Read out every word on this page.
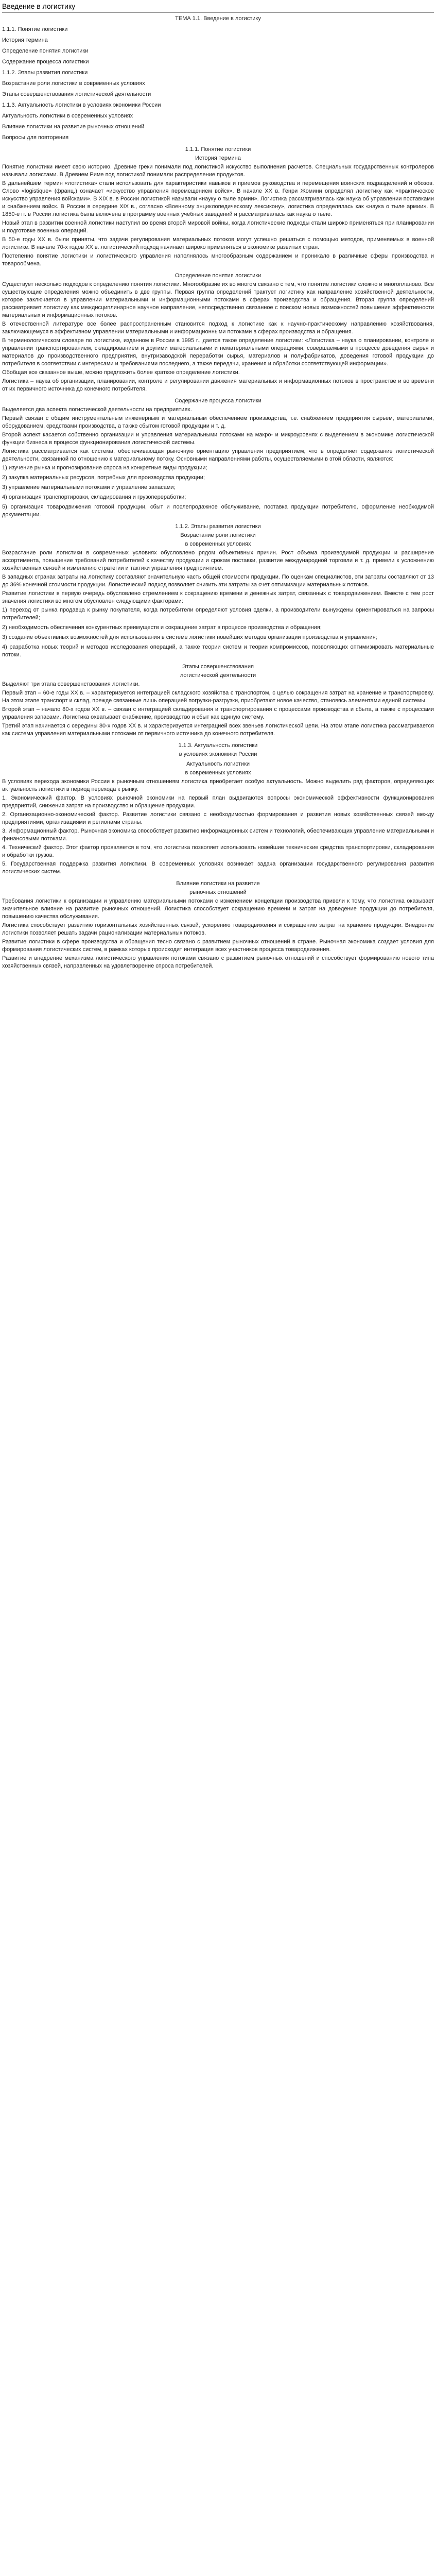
Введение в логистику
ТЕМА 1.1. Введение в логистику
1.1.1. Понятие логистики
История термина
Определение понятия логистики
Содержание процесса логистики
1.1.2. Этапы развития логистики
Возрастание роли логистики в современных условиях
Этапы совершенствования логистической деятельности
1.1.3. Актуальность логистики в условиях экономики России
Актуальность логистики в современных условиях
Влияние логистики на развитие рыночных отношений
Вопросы для повторения
1.1.1. Понятие логистики
История термина

Понятие логистики имеет свою историю. Древние греки понимали под логистикой искусство выполнения расчетов. Специальных государственных контролеров называли логистами. В Древнем Риме под логистикой понимали распределение продуктов.

В дальнейшем термин «логистика» стали использовать для характеристики навыков и приемов руководства и перемещения воинских подразделений и обозов. Слово «logistique» (франц.) означает «искусство управления перемещением войск». В начале XX в. Генри Жомини определял логистику как «практическое искусство управления войсками». В XIX в. в России логистикой называли «науку о тыле армии». Логистика рассматривалась как наука об управлении поставками и снабжением войск. В России в середине XIX в., согласно «Военному энциклопедическому лексикону», логистика определялась как «наука о тыле армии». В 1850-е гг. в России логистика была включена в программу военных учебных заведений и рассматривалась как наука о тыле.

Новый этап в развитии военной логистики наступил во время второй мировой войны, когда логистические подходы стали широко применяться при планировании и подготовке военных операций.

В 50-е годы XX в. были приняты, что задачи регулирования материальных потоков могут успешно решаться с помощью методов, применяемых в военной логистике. В начале 70-х годов XX в. логистический подход начинает широко применяться в экономике развитых стран.

Постепенно понятие логистики и логистического управления наполнялось многообразным содержанием и проникало в различные сферы производства и товарообмена.

Определение понятия логистики

Существует несколько подходов к определению понятия логистики. Многообразие их во многом связано с тем, что понятие логистики сложно и многопланово. Все существующие определения можно объединить в две группы. Первая группа определений трактует логистику как направление хозяйственной деятельности, которое заключается в управлении материальными и информационными потоками в сферах производства и обращения. Вторая группа определений рассматривает логистику как междисциплинарное научное направление, непосредственно связанное с поиском новых возможностей повышения эффективности материальных и информационных потоков.

В отечественной литературе все более распространенным становится подход к логистике как к научно-практическому направлению хозяйствования, заключающемуся в эффективном управлении материальными и информационными потоками в сферах производства и обращения.

В терминологическом словаре по логистике, изданном в России в 1995 г., дается такое определение логистики: «Логистика – наука о планировании, контроле и управлении транспортированием, складированием и другими материальными и нематериальными операциями, совершаемыми в процессе доведения сырья и материалов до производственного предприятия, внутризаводской переработки сырья, материалов и полуфабрикатов, доведения готовой продукции до потребителя в соответствии с интересами и требованиями последнего, а также передачи, хранения и обработки соответствующей информации».

Обобщая все сказанное выше, можно предложить более краткое определение логистики.

Логистика – наука об организации, планировании, контроле и регулировании движения материальных и информационных потоков в пространстве и во времени от их первичного источника до конечного потребителя.

Содержание процесса логистики

Выделяется два аспекта логистической деятельности на предприятиях.

Первый связан с общим инструментальным инженерным и материальным обеспечением производства, т.е. снабжением предприятия сырьем, материалами, оборудованием, средствами производства, а также сбытом готовой продукции и т. д.

Второй аспект касается собственно организации и управления материальными потоками на макро- и микроуровнях с выделением в экономике логистической функции бизнеса в процессе функционирования логистической системы.

Логистика рассматривается как система, обеспечивающая рыночную ориентацию управления предприятием, что в определяет содержание логистической деятельности, связанной по отношению к материальному потоку. Основными направлениями работы, осуществляемыми в этой области, являются:

1) изучение рынка и прогнозирование спроса на конкретные виды продукции;
2) закупка материальных ресурсов, потребных для производства продукции;
3) управление материальными потоками и управление запасами;
4) организация транспортировки, складирования и грузопереработки;
5) организация товародвижения готовой продукции, сбыт и послепродажное обслуживание, поставка продукции потребителю, оформление необходимой документации.
1.1.2. Этапы развития логистики
Возрастание роли логистики
в современных условиях

Возрастание роли логистики в современных условиях обусловлено рядом объективных причин. Рост объема производимой продукции и расширение ассортимента, повышение требований потребителей к качеству продукции и срокам поставки, развитие международной торговли и т. д. привели к усложнению хозяйственных связей и изменению стратегии и тактики управления предприятием.

В западных странах затраты на логистику составляют значительную часть общей стоимости продукции. По оценкам специалистов, эти затраты составляют от 13 до 36% конечной стоимости продукции. Логистический подход позволяет снизить эти затраты за счет оптимизации материальных потоков.

Развитие логистики в первую очередь обусловлено стремлением к сокращению времени и денежных затрат, связанных с товародвижением. Вместе с тем рост значения логистики во многом обусловлен следующими факторами:

1) переход от рынка продавца к рынку покупателя, когда потребители определяют условия сделки, а производители вынуждены ориентироваться на запросы потребителей;
2) необходимость обеспечения конкурентных преимуществ и сокращение затрат в процессе производства и обращения;
3) создание объективных возможностей для использования в системе логистики новейших методов организации производства и управления;
4) разработка новых теорий и методов исследования операций, а также теории систем и теории компромиссов, позволяющих оптимизировать материальные потоки.
Этапы совершенствования
логистической деятельности

Выделяют три этапа совершенствования логистики.

Первый этап – 60-е годы XX в. – характеризуется интеграцией складского хозяйства с транспортом, с целью сокращения затрат на хранение и транспортировку. На этом этапе транспорт и склад, прежде связанные лишь операцией погрузки-разгрузки, приобретают новое качество, становясь элементами единой системы.

Второй этап – начало 80-х годов XX в. – связан с интеграцией складирования и транспортирования с процессами производства и сбыта, а также с процессами управления запасами. Логистика охватывает снабжение, производство и сбыт как единую систему.

Третий этап начинается с середины 80-х годов XX в. и характеризуется интеграцией всех звеньев логистической цепи. На этом этапе логистика рассматривается как система управления материальными потоками от первичного источника до конечного потребителя.

1.1.3. Актуальность логистики
в условиях экономики России
Актуальность логистики
в современных условиях

В условиях перехода экономики России к рыночным отношениям логистика приобретает особую актуальность. Можно выделить ряд факторов, определяющих актуальность логистики в период перехода к рынку.

1. Экономический фактор. В условиях рыночной экономики на первый план выдвигаются вопросы экономической эффективности функционирования предприятий, снижения затрат на производство и обращение продукции.

2. Организационно-экономический фактор. Развитие логистики связано с необходимостью формирования и развития новых хозяйственных связей между предприятиями, организациями и регионами страны.

3. Информационный фактор. Рыночная экономика способствует развитию информационных систем и технологий, обеспечивающих управление материальными и финансовыми потоками.

4. Технический фактор. Этот фактор проявляется в том, что логистика позволяет использовать новейшие технические средства транспортировки, складирования и обработки грузов.

5. Государственная поддержка развития логистики. В современных условиях возникает задача организации государственного регулирования развития логистических систем.

Влияние логистики на развитие
рыночных отношений

Требования логистики к организации и управлению материальными потоками с изменением концепции производства привели к тому, что логистика оказывает значительное влияние на развитие рыночных отношений. Логистика способствует сокращению времени и затрат на доведение продукции до потребителя, повышению качества обслуживания.

Логистика способствует развитию горизонтальных хозяйственных связей, ускорению товародвижения и сокращению затрат на хранение продукции. Внедрение логистики позволяет решать задачи рационализации материальных потоков.

Развитие логистики в сфере производства и обращения тесно связано с развитием рыночных отношений в стране. Рыночная экономика создает условия для формирования логистических систем, в рамках которых происходит интеграция всех участников процесса товародвижения.

Развитие и внедрение механизма логистического управления потоками связано с развитием рыночных отношений и способствует формированию нового типа хозяйственных связей, направленных на удовлетворение спроса потребителей.
